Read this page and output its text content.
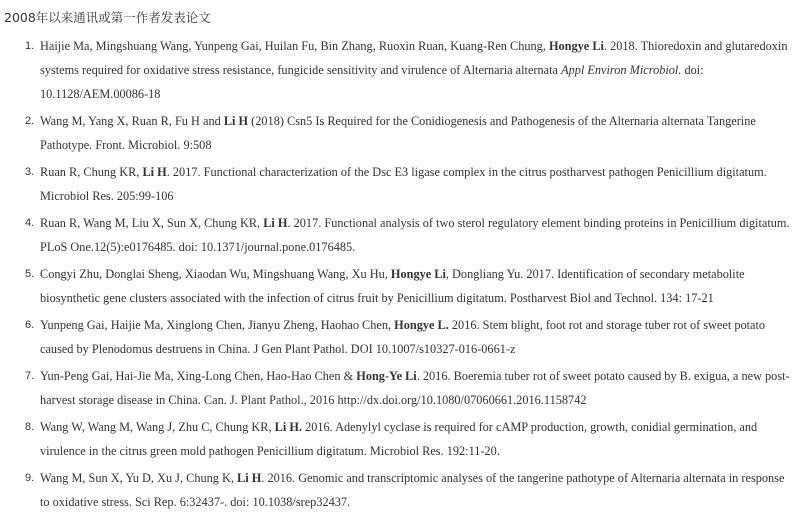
2008年以来通讯或第一作者发表论文
1. Haijie Ma, Mingshuang Wang, Yunpeng Gai, Huilan Fu, Bin Zhang, Ruoxin Ruan, Kuang-Ren Chung, Hongye Li. 2018. Thioredoxin and glutaredoxin systems required for oxidative stress resistance, fungicide sensitivity and virulence of Alternaria alternata Appl Environ Microbiol. doi: 10.1128/AEM.00086-18
2. Wang M, Yang X, Ruan R, Fu H and Li H (2018) Csn5 Is Required for the Conidiogenesis and Pathogenesis of the Alternaria alternata Tangerine Pathotype. Front. Microbiol. 9:508
3. Ruan R, Chung KR, Li H. 2017. Functional characterization of the Dsc E3 ligase complex in the citrus postharvest pathogen Penicillium digitatum. Microbiol Res. 205:99-106
4. Ruan R, Wang M, Liu X, Sun X, Chung KR, Li H. 2017. Functional analysis of two sterol regulatory element binding proteins in Penicillium digitatum. PLoS One.12(5):e0176485. doi: 10.1371/journal.pone.0176485.
5. Congyi Zhu, Donglai Sheng, Xiaodan Wu, Mingshuang Wang, Xu Hu, Hongye Li, Dongliang Yu. 2017. Identification of secondary metabolite biosynthetic gene clusters associated with the infection of citrus fruit by Penicillium digitatum. Postharvest Biol and Technol. 134: 17-21
6. Yunpeng Gai, Haijie Ma, Xinglong Chen, Jianyu Zheng, Haohao Chen, Hongye L. 2016. Stem blight, foot rot and storage tuber rot of sweet potato caused by Plenodomus destruens in China. J Gen Plant Pathol. DOI 10.1007/s10327-016-0661-z
7. Yun-Peng Gai, Hai-Jie Ma, Xing-Long Chen, Hao-Hao Chen & Hong-Ye Li. 2016. Boeremia tuber rot of sweet potato caused by B. exigua, a new post-harvest storage disease in China. Can. J. Plant Pathol., 2016 http://dx.doi.org/10.1080/07060661.2016.1158742
8. Wang W, Wang M, Wang J, Zhu C, Chung KR, Li H. 2016. Adenylyl cyclase is required for cAMP production, growth, conidial germination, and virulence in the citrus green mold pathogen Penicillium digitatum. Microbiol Res. 192:11-20.
9. Wang M, Sun X, Yu D, Xu J, Chung K, Li H. 2016. Genomic and transcriptomic analyses of the tangerine pathotype of Alternaria alternata in response to oxidative stress. Sci Rep. 6:32437-. doi: 10.1038/srep32437.
